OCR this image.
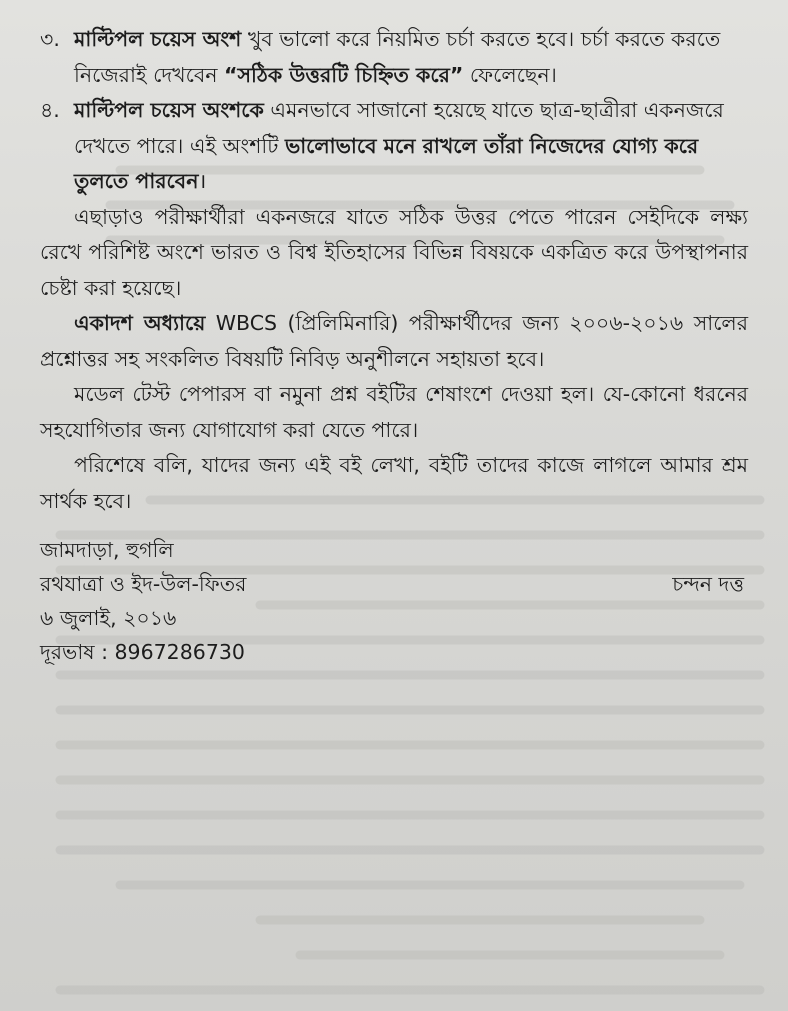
৩. মাল্টিপল চয়েস অংশ খুব ভালো করে নিয়মিত চর্চা করতে হবে। চর্চা করতে করতে নিজেরাই দেখবেন “সঠিক উত্তরটি চিহ্নিত করে” ফেলেছেন।
৪. মাল্টিপল চয়েস অংশকে এমনভাবে সাজানো হয়েছে যাতে ছাত্র-ছাত্রীরা একনজরে দেখতে পারে। এই অংশটি ভালোভাবে মনে রাখলে তাঁরা নিজেদের যোগ্য করে তুলতে পারবেন।

এছাড়াও পরীক্ষার্থীরা একনজরে যাতে সঠিক উত্তর পেতে পারেন সেইদিকে লক্ষ্য রেখে পরিশিষ্ট অংশে ভারত ও বিশ্ব ইতিহাসের বিভিন্ন বিষয়কে একত্রিত করে উপস্থাপনার চেষ্টা করা হয়েছে।

একাদশ অধ্যায়ে WBCS (প্রিলিমিনারি) পরীক্ষার্থীদের জন্য ২০০৬-২০১৬ সালের প্রশ্নোত্তর সহ সংকলিত বিষয়টি নিবিড় অনুশীলনে সহায়তা হবে।

মডেল টেস্ট পেপারস বা নমুনা প্রশ্ন বইটির শেষাংশে দেওয়া হল। যে-কোনো ধরনের সহযোগিতার জন্য যোগাযোগ করা যেতে পারে।

পরিশেষে বলি, যাদের জন্য এই বই লেখা, বইটি তাদের কাজে লাগলে আমার শ্রম সার্থক হবে।

জামদাড়া, হুগলি
রথযাত্রা ও ইদ-উল-ফিতর
৬ জুলাই, ২০১৬
দূরভাষ : 8967286730
চন্দন দত্ত
